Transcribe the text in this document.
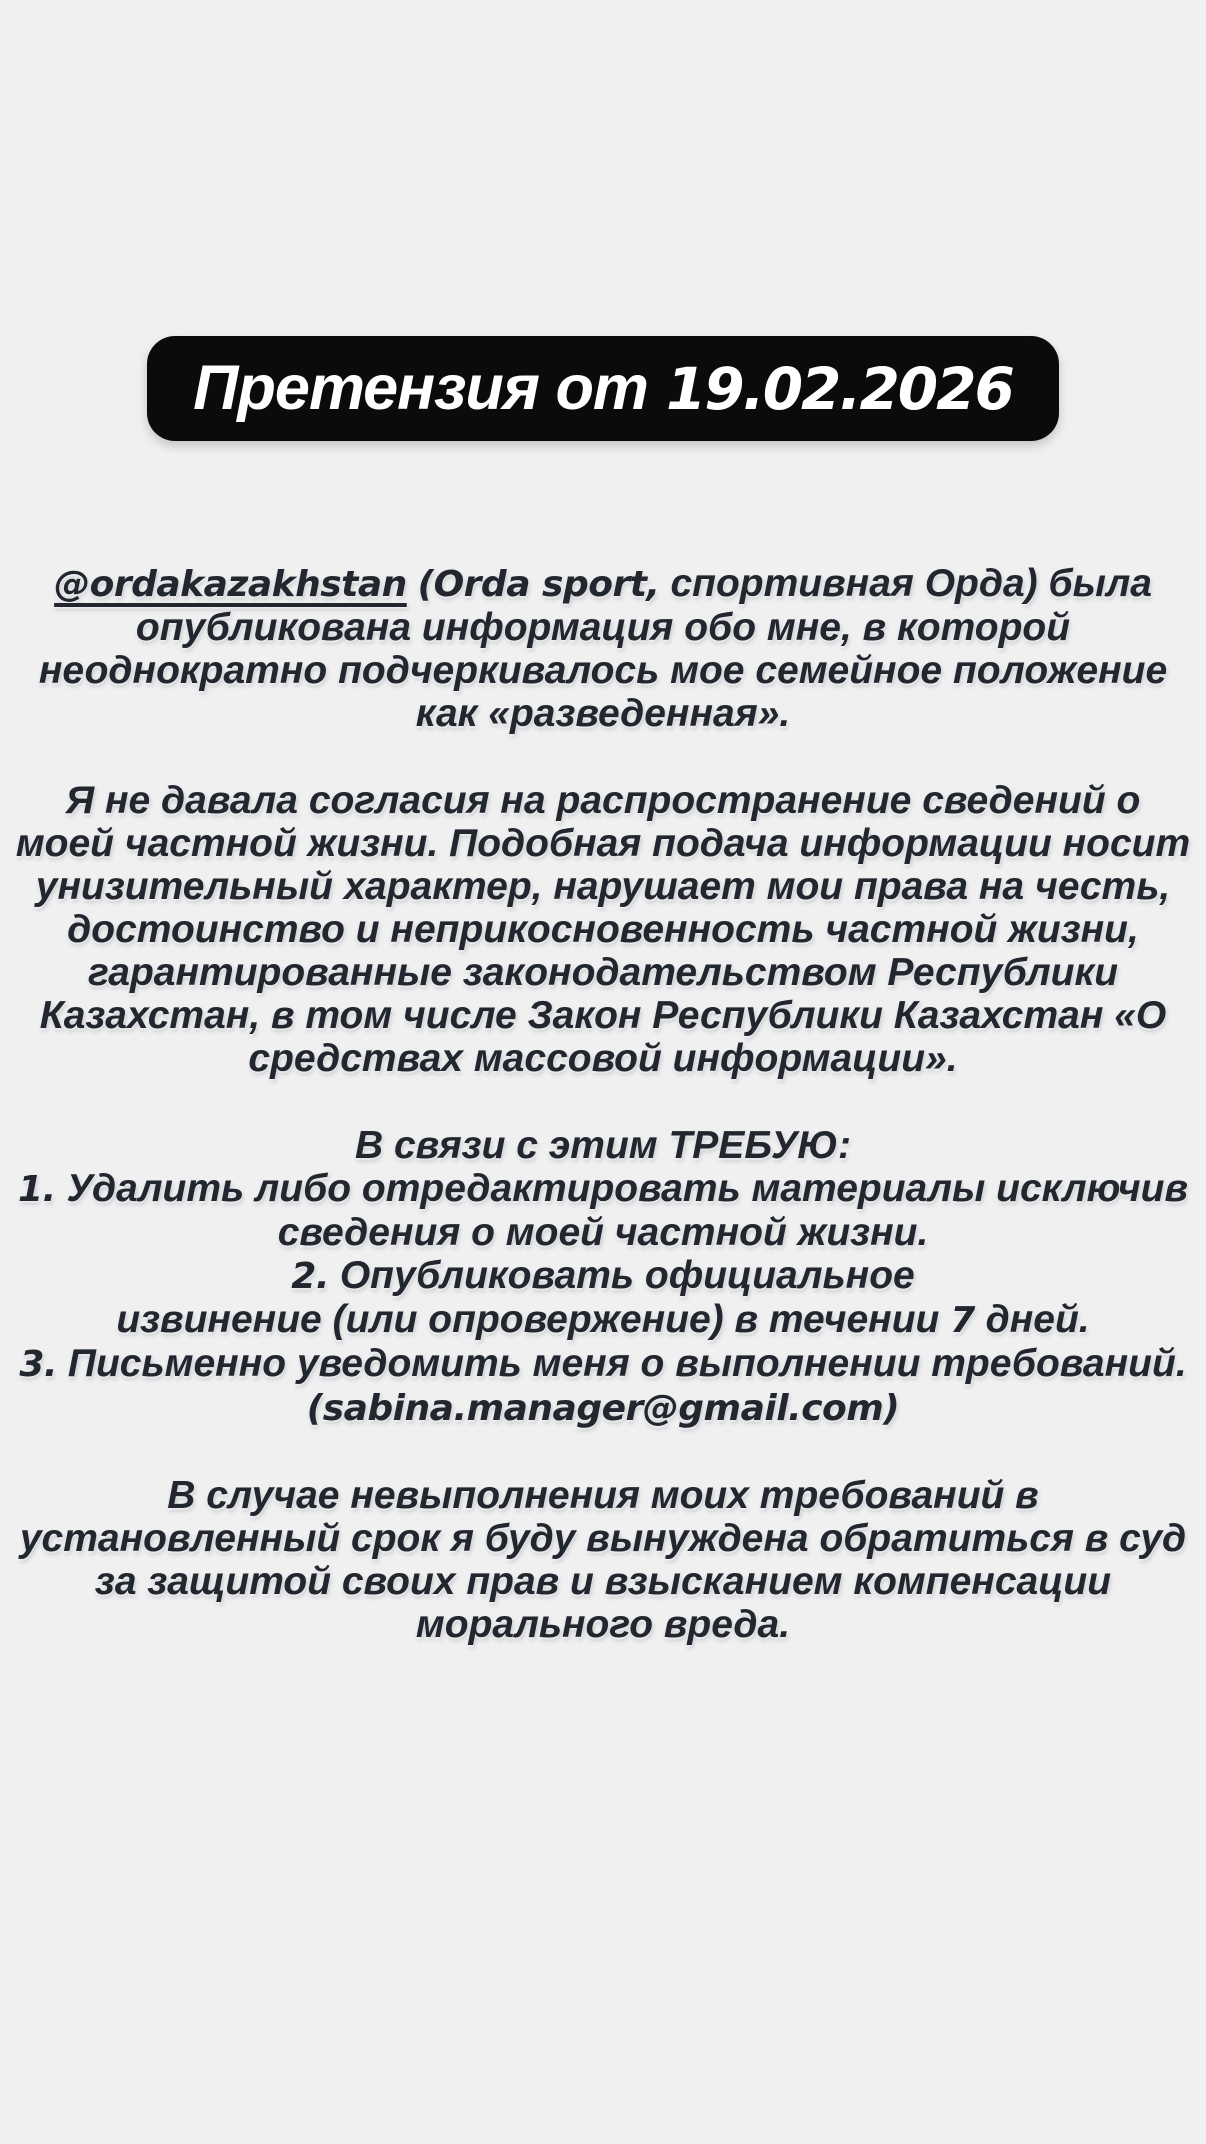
Претензия от 19.02.2026
@ordakazakhstan (Orda sport, спортивная Орда) была
опубликована информация обо мне, в которой
неоднократно подчеркивалось мое семейное положение
как «разведенная».
Я не давала согласия на распространение сведений о
моей частной жизни. Подобная подача информации носит
унизительный характер, нарушает мои права на честь,
достоинство и неприкосновенность частной жизни,
гарантированные законодательством Республики
Казахстан, в том числе Закон Республики Казахстан «О
средствах массовой информации».
В связи с этим ТРЕБУЮ:
1. Удалить либо отредактировать материалы исключив
сведения о моей частной жизни.
2. Опубликовать официальное
извинение (или опровержение) в течении 7 дней.
3. Письменно уведомить меня о выполнении требований.
(sabina.manager@gmail.com)
В случае невыполнения моих требований в
установленный срок я буду вынуждена обратиться в суд
за защитой своих прав и взысканием компенсации
морального вреда.
